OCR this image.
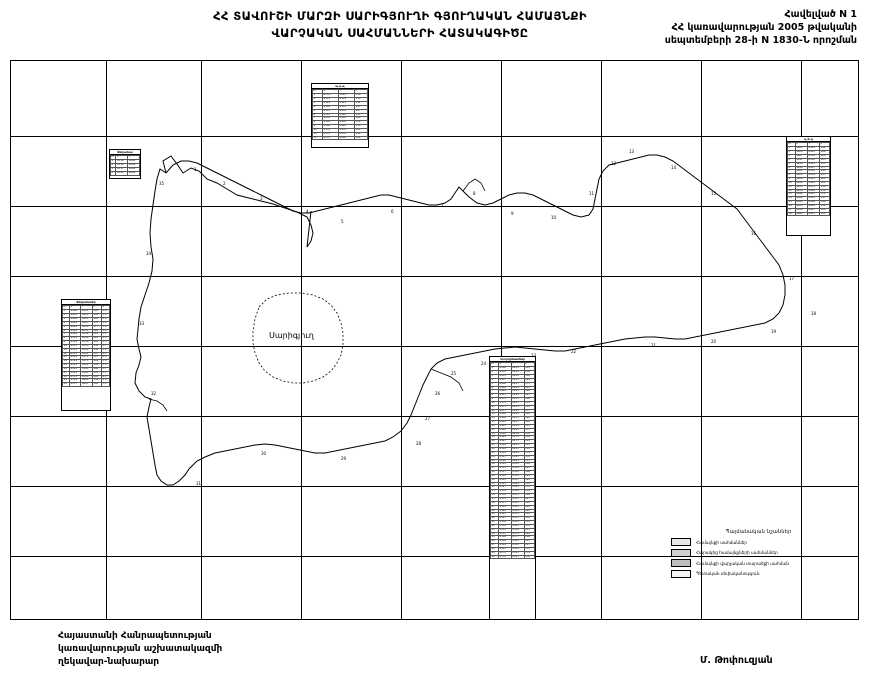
ՀՀ ՏԱՎՈՒՇԻ ՄԱՐԶԻ ՍԱՐԻԳՅՈՒՂԻ ԳՅՈՒՂԱԿԱՆ ՀԱՄԱՅՆՔԻ
ՎԱՐՉԱԿԱՆ ՍԱՀՄԱՆՆԵՐԻ ՀԱՏԱԿԱԳԻԾԸ
Հավելված N 1
ՀՀ կառավարության 2005 թվականի
սեպտեմբերի 28-ի N 1830-Ն որոշման
Սարիգյուղ
ա-բ-գ
N	X	Y	L
1	4539	8412	236
2	4541	8419	118
3	4544	8423	142
4	4548	8431	205
5	4551	8438	167
6	4555	8444	193
7	4559	8450	128
8	4562	8456	174
9	4566	8463	155
10	4570	8470	211
11	4574	8476	144
12	4578	8482	190
Տեղամաս
N	X	Y
1	4512	8390
2	4514	8394
3	4517	8398
4	4520	8402
դ-ե-զ
N	X	Y	L
1	4601	8520	142
2	4604	8525	168
3	4607	8530	120
4	4611	8536	195
5	4614	8541	133
6	4618	8547	177
7	4621	8552	149
8	4625	8558	203
9	4628	8563	126
10	4632	8569	181
11	4635	8574	158
12	4639	8580	134
13	4642	8585	172
14	4646	8591	145
15	4649	8596	199
16	4653	8602	130
17	4656	8607	186
18	4660	8613	151
Տեղամասեր
N	X	Y	L	S
1	4480	8310	118	2.4
2	4483	8315	142	3.1
3	4486	8320	165	2.8
4	4489	8325	133	4.2
5	4492	8330	177	1.9
6	4495	8335	149	3.6
7	4498	8340	203	2.2
8	4501	8345	126	4.8
9	4504	8350	181	3.3
10	4507	8355	158	2.7
11	4510	8360	134	3.9
12	4513	8365	172	2.1
13	4516	8370	145	4.4
14	4519	8375	199	3.0
15	4522	8380	130	2.6
16	4525	8385	186	3.7
17	4528	8390	151	2.3
18	4531	8395	164	4.1
19	4534	8400	138	2.9
20	4537	8405	192	3.4
Կոորդինատներ
N	X	Y	L
1	4450	8201	112
2	4452	8205	138
3	4455	8209	164
4	4457	8213	129
5	4460	8217	175
6	4462	8221	143
7	4465	8225	198
8	4467	8229	121
9	4470	8233	186
10	4472	8237	153
11	4475	8241	131
12	4477	8245	177
13	4480	8249	148
14	4482	8253	192
15	4485	8257	126
16	4487	8261	183
17	4490	8265	157
18	4492	8269	134
19	4495	8273	169
20	4497	8277	145
21	4500	8281	201
22	4502	8285	118
23	4505	8289	179
24	4507	8293	152
25	4510	8297	137
26	4512	8301	188
27	4515	8305	143
28	4517	8309	166
29	4520	8313	124
30	4522	8317	195
31	4525	8321	150
32	4527	8325	172
33	4530	8329	139
34	4532	8333	184
35	4535	8337	127
36	4537	8341	161
37	4540	8345	148
38	4542	8349	193
39	4545	8353	120
40	4547	8357	176
41	4550	8361	155
42	4552	8365	132
43	4555	8369	187
44	4557	8373	144
45	4560	8377	168
46	4562	8381	123
47	4565	8385	197
48	4567	8389	151
49	4570	8393	174
50	4572	8397	136
1
2
3
4
5
6
7
8
9
10
11
12
13
14
15
16
17
18
19
20
21
22
23
24
25
26
27
28
29
30
31
32
33
34
35
Պայմանական նշաններ
Համայնքի սահմաններ
Հարակից համայնքների սահմաններ
Համայնքի վարչական տարածքի սահման
Պետական սեփականություն
Հայաստանի Հանրապետության
կառավարության աշխատակազմի
ղեկավար-նախարար	Մ. Թոփուզյան
